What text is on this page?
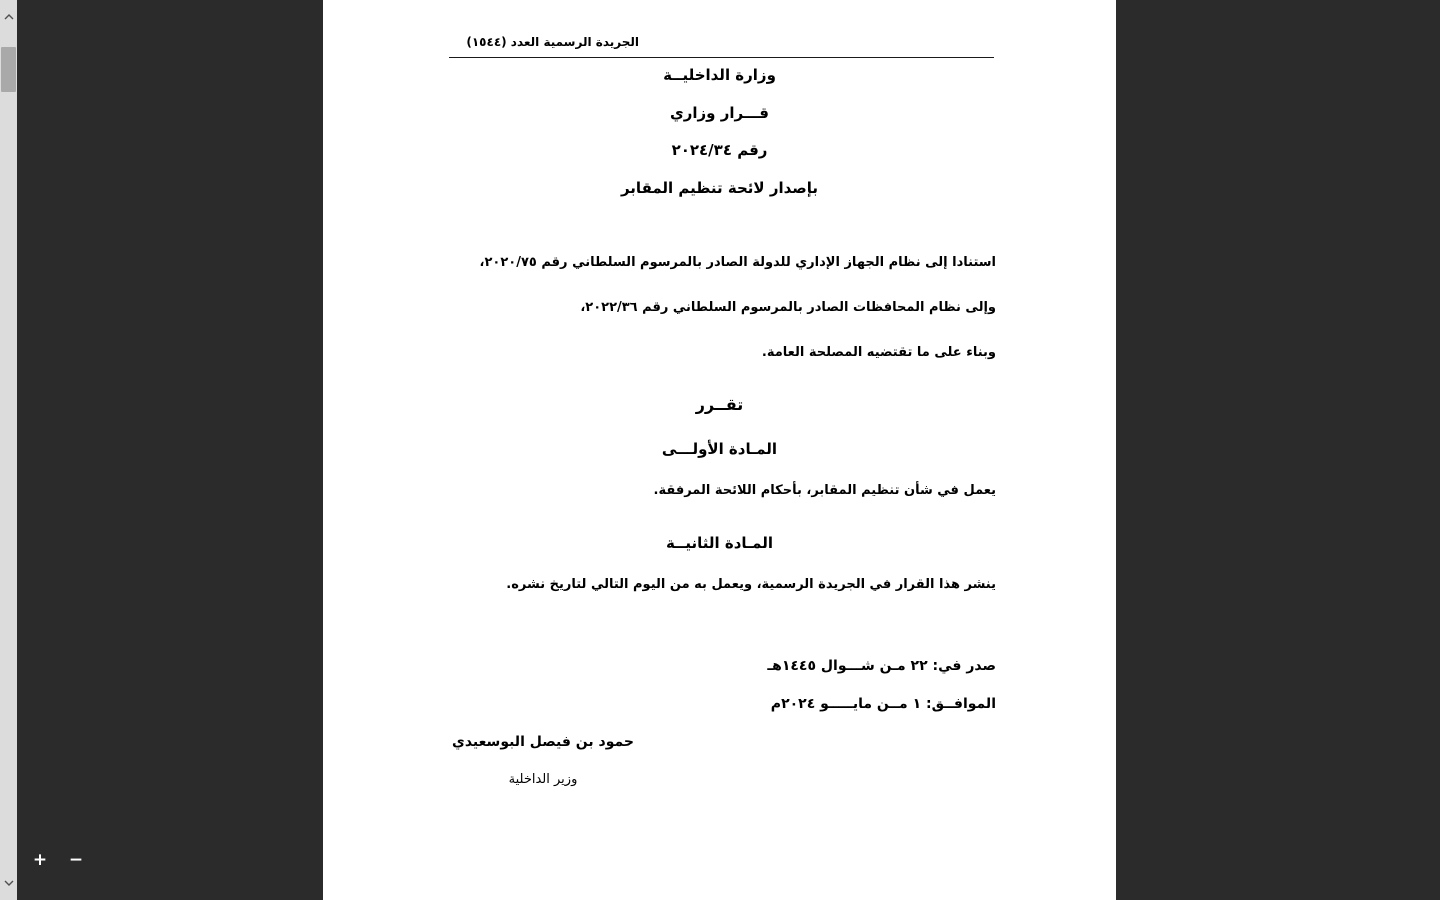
+ −
الجريدة الرسمية العدد (١٥٤٤)
وزارة الداخليــة
قـــرار وزاري
رقم ٢٠٢٤/٣٤
بإصدار لائحة تنظيم المقابر
استنادا إلى نظام الجهاز الإداري للدولة الصادر بالمرسوم السلطاني رقم ٢٠٢٠/٧٥،
وإلى نظام المحافظات الصادر بالمرسوم السلطاني رقم ٢٠٢٢/٣٦،
وبناء على ما تقتضيه المصلحة العامة.
تقــرر
المـادة الأولـــى
يعمل في شأن تنظيم المقابر، بأحكام اللائحة المرفقة.
المـادة الثانيــة
ينشر هذا القرار في الجريدة الرسمية، ويعمل به من اليوم التالي لتاريخ نشره.
صدر في: ٢٢ مـن شـــوال ١٤٤٥هـ
الموافــق: ١ مــن مايـــــو ٢٠٢٤م
حمود بن فيصل البوسعيدي
وزير الداخلية
